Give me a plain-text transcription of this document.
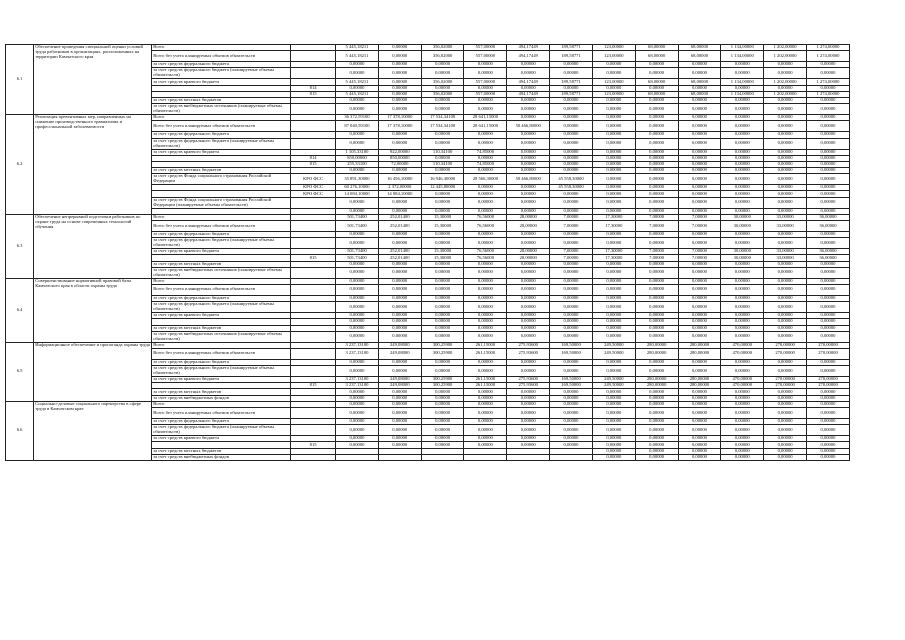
6.1	Обеспечение проведения специальной оценки условий труда работников в организациях, расположенных на территории Камчатского края	Всего		5 445,18211	0,00000	356,02000	557,00000	494,17449	189,58771	123,00000	68,00000	68,00000	1 134,00000	1 202,00000	1 274,00000
		Всего без учета планируемых объемов обязательств		5 445,18211	0,00000	356,02000	557,00000	494,17449	189,58771	123,00000	68,00000	68,00000	1 134,00000	1 202,00000	1 274,00000
		за счет средств федерального бюджета		0,00000	0,00000	0,00000	0,00000	0,00000	0,00000	0,00000	0,00000	0,00000	0,00000	0,00000	0,00000
		за счет средств федерального бюджета (планируемые объемы обязательств)		0,00000	0,00000	0,00000	0,00000	0,00000	0,00000	0,00000	0,00000	0,00000	0,00000	0,00000	0,00000
		за счет средств краевого бюджета		5 445,18211	0,00000	356,02000	557,00000	494,17449	189,58771	123,00000	68,00000	68,00000	1 134,00000	1 202,00000	1 274,00000
			814	0,00000	0,00000	0,00000	0,00000	0,00000	0,00000	0,00000	0,00000	0,00000	0,00000	0,00000	0,00000
			815	5 445,18211	0,00000	356,02000	557,00000	494,17449	189,58771	123,00000	68,00000	68,00000	1 134,00000	1 202,00000	1 274,00000
		за счет средств местных бюджетов		0,00000	0,00000	0,00000	0,00000	0,00000	0,00000	0,00000	0,00000	0,00000	0,00000	0,00000	0,00000
		за счет средств внебюджетных источников (планируемые объемы обязательств)		0,00000	0,00000	0,00000	0,00000	0,00000	0,00000	0,00000	0,00000	0,00000	0,00000	0,00000	0,00000
6.2	Реализация превентивных мер, направленных на снижение производственного травматизма и профессиональной заболеваемости	Всего		36 372,59100	17 378,10000	17 534,34100	28 641,15000	0,00000	0,00000	0,00000	0,00000	0,00000	0,00000	0,00000	0,00000
		Всего без учета планируемых объемов обязательств		87 040,59100	17 378,10000	17 534,34100	28 641,15000	50 466,80000	0,00000	0,00000	0,00000	0,00000	0,00000	0,00000	0,00000
		за счет средств федерального бюджета		0,00000	0,00000	0,00000	0,00000	0,00000	0,00000	0,00000	0,00000	0,00000	0,00000	0,00000	0,00000
		за счет средств федерального бюджета (планируемые объемы обязательств)		0,00000	0,00000	0,00000	0,00000	0,00000	0,00000	0,00000	0,00000	0,00000	0,00000	0,00000	0,00000
		за счет средств краевого бюджета		1 105,33100	922,00000	110,34100	74,85000	0,00000	0,00000	0,00000	0,00000	0,00000	0,00000	0,00000	0,00000
			814	850,00000	850,00000	0,00000	0,00000	0,00000	0,00000	0,00000	0,00000	0,00000	0,00000	0,00000	0,00000
			815	255,33100	72,00000	110,34100	74,85000	0,00000	0,00000	0,00000	0,00000	0,00000	0,00000	0,00000	0,00000
		за счет средств местных бюджетов		0,00000	0,00000	0,00000	0,00000	0,00000	0,00000	0,00000	0,00000	0,00000	0,00000	0,00000	0,00000
		за счет средств Фонда социального страхования Российской Федерации	КРО ФСС	35 891,30000	16 456,10000	16 946,30000	28 566,30000	50 466,80000	45 558,30000	0,00000	0,00000	0,00000	0,00000	0,00000	0,00000
			КРО ФСС	60 276,10000	2 372,00000	12 445,80000	0,00000	0,00000	45 558,30000	0,00000	0,00000	0,00000	0,00000	0,00000	0,00000
			КРО ФСС	14 084,10000	14 084,10000	0,00000	0,00000	0,00000	0,00000	0,00000	0,00000	0,00000	0,00000	0,00000	0,00000
		за счет средств Фонда социального страхования Российской Федерации (планируемые объемы обязательств)		0,00000	0,00000	0,00000	0,00000	0,00000	0,00000	0,00000	0,00000	0,00000	0,00000	0,00000	0,00000
				0,00000	0,00000	0,00000	0,00000	0,00000	0,00000	0,00000	0,00000	0,00000	0,00000	0,00000	0,00000
6.3	Обеспечение непрерывной подготовки работников по охране труда на основе современных технологий обучения	Всего		501,73400	252,01400	15,30000	76,56000	28,00000	7,00000	17,30000	7,00000	7,00000	30,00000	33,00000	36,00000
		Всего без учета планируемых объемов обязательств		501,73400	252,01400	15,30000	76,56000	28,00000	7,00000	17,30000	7,00000	7,00000	30,00000	33,00000	36,00000
		за счет средств федерального бюджета		0,00000	0,00000	0,00000	0,00000	0,00000	0,00000	0,00000	0,00000	0,00000	0,00000	0,00000	0,00000
		за счет средств федерального бюджета (планируемые объемы обязательств)		0,00000	0,00000	0,00000	0,00000	0,00000	0,00000	0,00000	0,00000	0,00000	0,00000	0,00000	0,00000
		за счет средств краевого бюджета		501,73400	252,01400	15,30000	76,56000	28,00000	7,00000	17,30000	7,00000	7,00000	30,00000	33,00000	36,00000
			815	501,73400	252,01400	15,30000	76,56000	28,00000	7,00000	17,30000	7,00000	7,00000	30,00000	33,00000	36,00000
		за счет средств местных бюджетов		0,00000	0,00000	0,00000	0,00000	0,00000	0,00000	0,00000	0,00000	0,00000	0,00000	0,00000	0,00000
		за счет средств внебюджетных источников (планируемые объемы обязательств)		0,00000	0,00000	0,00000	0,00000	0,00000	0,00000	0,00000	0,00000	0,00000	0,00000	0,00000	0,00000
6.4	Совершенствование нормативной правовой базы Камчатского края в области охраны труда	Всего		0,00000	0,00000	0,00000	0,00000	0,00000	0,00000	0,00000	0,00000	0,00000	0,00000	0,00000	0,00000
		Всего без учета планируемых объемов обязательств		0,00000	0,00000	0,00000	0,00000	0,00000	0,00000	0,00000	0,00000	0,00000	0,00000	0,00000	0,00000
		за счет средств федерального бюджета		0,00000	0,00000	0,00000	0,00000	0,00000	0,00000	0,00000	0,00000	0,00000	0,00000	0,00000	0,00000
		за счет средств федерального бюджета (планируемые объемы обязательств)		0,00000	0,00000	0,00000	0,00000	0,00000	0,00000	0,00000	0,00000	0,00000	0,00000	0,00000	0,00000
		за счет средств краевого бюджета		0,00000	0,00000	0,00000	0,00000	0,00000	0,00000	0,00000	0,00000	0,00000	0,00000	0,00000	0,00000
				0,00000	0,00000	0,00000	0,00000	0,00000	0,00000	0,00000	0,00000	0,00000	0,00000	0,00000	0,00000
		за счет средств местных бюджетов		0,00000	0,00000	0,00000	0,00000	0,00000	0,00000	0,00000	0,00000	0,00000	0,00000	0,00000	0,00000
		за счет средств внебюджетных источников (планируемые объемы обязательств)		0,00000	0,00000	0,00000	0,00000	0,00000	0,00000	0,00000	0,00000	0,00000	0,00000	0,00000	0,00000
6.5	Информационное обеспечение и пропаганда охраны труда	Всего		3 237,13100	249,08000	300,25900	261,15000	275,93600	169,50000	249,50000	280,00000	280,00000	470,00000	270,00000	270,00000
		Всего без учета планируемых объемов обязательств		3 237,13100	249,08000	300,25900	261,15000	275,93600	169,50000	249,50000	280,00000	280,00000	470,00000	270,00000	270,00000
		за счет средств федерального бюджета		0,00000	0,00000	0,00000	0,00000	0,00000	0,00000	0,00000	0,00000	0,00000	0,00000	0,00000	0,00000
		за счет средств федерального бюджета (планируемые объемы обязательств)		0,00000	0,00000	0,00000	0,00000	0,00000	0,00000	0,00000	0,00000	0,00000	0,00000	0,00000	0,00000
		за счет средств краевого бюджета		3 237,13100	249,08000	300,25900	261,15000	275,93600	169,50000	249,50000	280,00000	280,00000	470,00000	270,00000	270,00000
			815	3 237,13100	249,08000	300,25900	261,15000	275,93600	169,50000	249,50000	280,00000	280,00000	470,00000	270,00000	270,00000
		за счет средств местных бюджетов		0,00000	0,00000	0,00000	0,00000	0,00000	0,00000	0,00000	0,00000	0,00000	0,00000	0,00000	0,00000
		за счет средств внебюджетных фондов		0,00000	0,00000	0,00000	0,00000	0,00000	0,00000	0,00000	0,00000	0,00000	0,00000	0,00000	0,00000
6.6	Социально-деловые социального партнерства в сфере труда в Камчатском крае	Всего		0,00000	0,00000	0,00000	0,00000	0,00000	0,00000	0,00000	0,00000	0,00000	0,00000	0,00000	0,00000
		Всего без учета планируемых объемов обязательств		0,00000	0,00000	0,00000	0,00000	0,00000	0,00000	0,00000	0,00000	0,00000	0,00000	0,00000	0,00000
		за счет средств федерального бюджета		0,00000	0,00000	0,00000	0,00000	0,00000	0,00000	0,00000	0,00000	0,00000	0,00000	0,00000	0,00000
		за счет средств федерального бюджета (планируемые объемы обязательств)		0,00000	0,00000	0,00000	0,00000	0,00000	0,00000	0,00000	0,00000	0,00000	0,00000	0,00000	0,00000
		за счет средств краевого бюджета		0,00000	0,00000	0,00000	0,00000	0,00000	0,00000	0,00000	0,00000	0,00000	0,00000	0,00000	0,00000
			815	0,00000	0,00000	0,00000	0,00000	0,00000	0,00000	0,00000	0,00000	0,00000	0,00000	0,00000	0,00000
		за счет средств местных бюджетов								0,00000	0,00000	0,00000	0,00000	0,00000	0,00000
		за счет средств внебюджетных фондов								0,00000	0,00000	0,00000	0,00000	0,00000	0,00000
